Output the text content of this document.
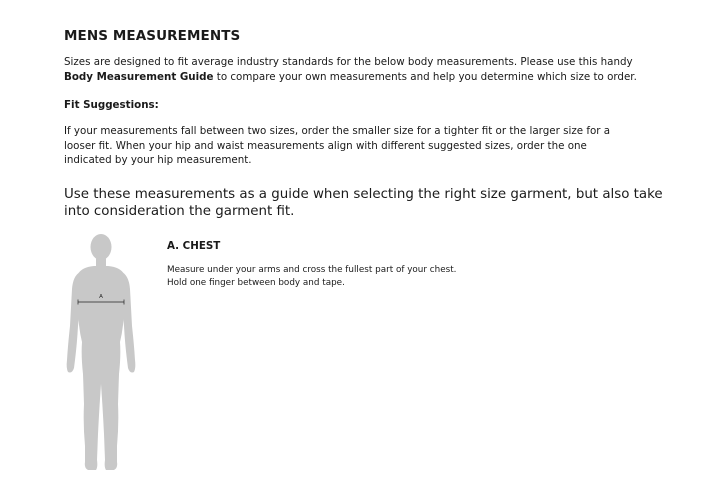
MENS MEASUREMENTS
Sizes are designed to fit average industry standards for the below body measurements. Please use this handy Body Measurement Guide to compare your own measurements and help you determine which size to order.
Fit Suggestions:
If your measurements fall between two sizes, order the smaller size for a tighter fit or the larger size for a looser fit. When your hip and waist measurements align with different suggested sizes, order the one indicated by your hip measurement.
Use these measurements as a guide when selecting the right size garment, but also take into consideration the garment fit.
A
A. CHEST
Measure under your arms and cross the fullest part of your chest.
Hold one finger between body and tape.
